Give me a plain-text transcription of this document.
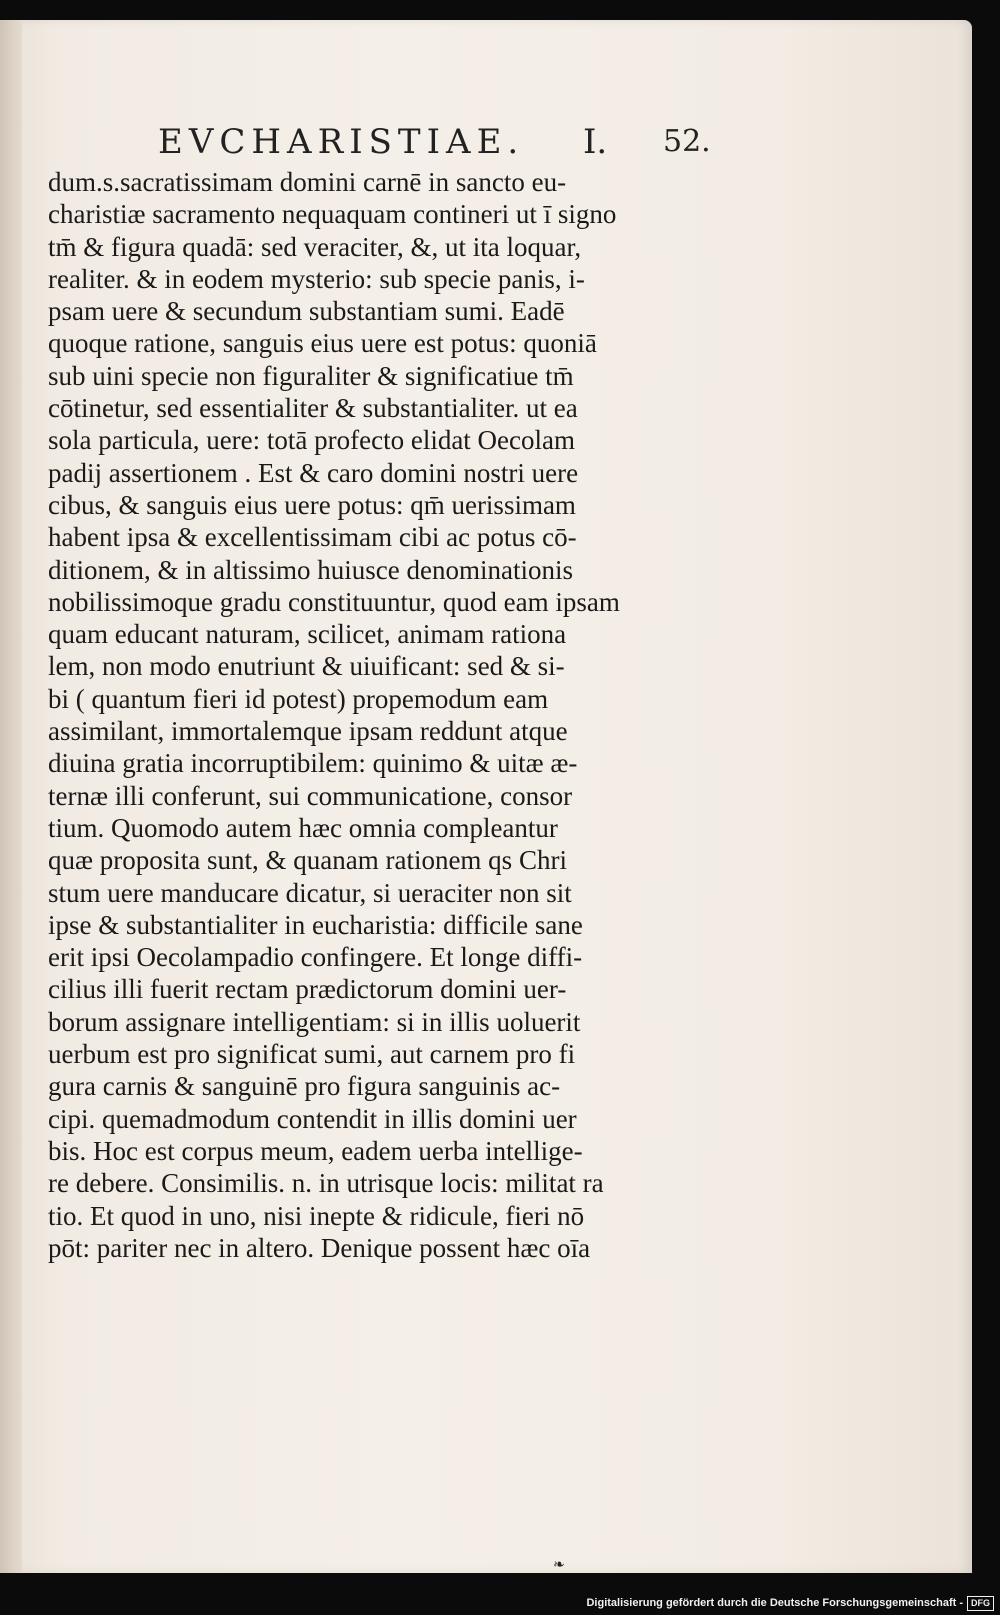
EVCHARISTIAE. I. 52.
dum.s.sacratissimam domini carnē in sancto eu-
charistiæ sacramento nequaquam contineri ut ī signo
tm̄ & figura quadā: sed veraciter, &, ut ita loquar,
realiter. & in eodem mysterio: sub specie panis, i-
psam uere & secundum substantiam sumi. Eadē
quoque ratione, sanguis eius uere est potus: quoniā
sub uini specie non figuraliter & significatiue tm̄
cōtinetur, sed essentialiter & substantialiter. ut ea
sola particula, uere: totā profecto elidat Oecolam
padij assertionem . Est & caro domini nostri uere
cibus, & sanguis eius uere potus: qm̄ uerissimam
habent ipsa & excellentissimam cibi ac potus cō-
ditionem, & in altissimo huiusce denominationis
nobilissimoque gradu constituuntur, quod eam ipsam
quam educant naturam, scilicet, animam rationa
lem, non modo enutriunt & uiuificant: sed & si-
bi ( quantum fieri id potest) propemodum eam
assimilant, immortalemque ipsam reddunt atque
diuina gratia incorruptibilem: quinimo & uitæ æ-
ternæ illi conferunt, sui communicatione, consor
tium. Quomodo autem hæc omnia compleantur
quæ proposita sunt, & quanam rationem qs Chri
stum uere manducare dicatur, si ueraciter non sit
ipse & substantialiter in eucharistia: difficile sane
erit ipsi Oecolampadio confingere. Et longe diffi-
cilius illi fuerit rectam prædictorum domini uer-
borum assignare intelligentiam: si in illis uoluerit
uerbum est pro significat sumi, aut carnem pro fi
gura carnis & sanguinē pro figura sanguinis ac-
cipi. quemadmodum contendit in illis domini uer
bis. Hoc est corpus meum, eadem uerba intellige-
re debere. Consimilis. n. in utrisque locis: militat ra
tio. Et quod in uno, nisi inepte & ridicule, fieri nō
pōt: pariter nec in altero. Denique possent hæc oīa
❧
Digitalisierung gefördert durch die Deutsche Forschungsgemeinschaft - DFG
